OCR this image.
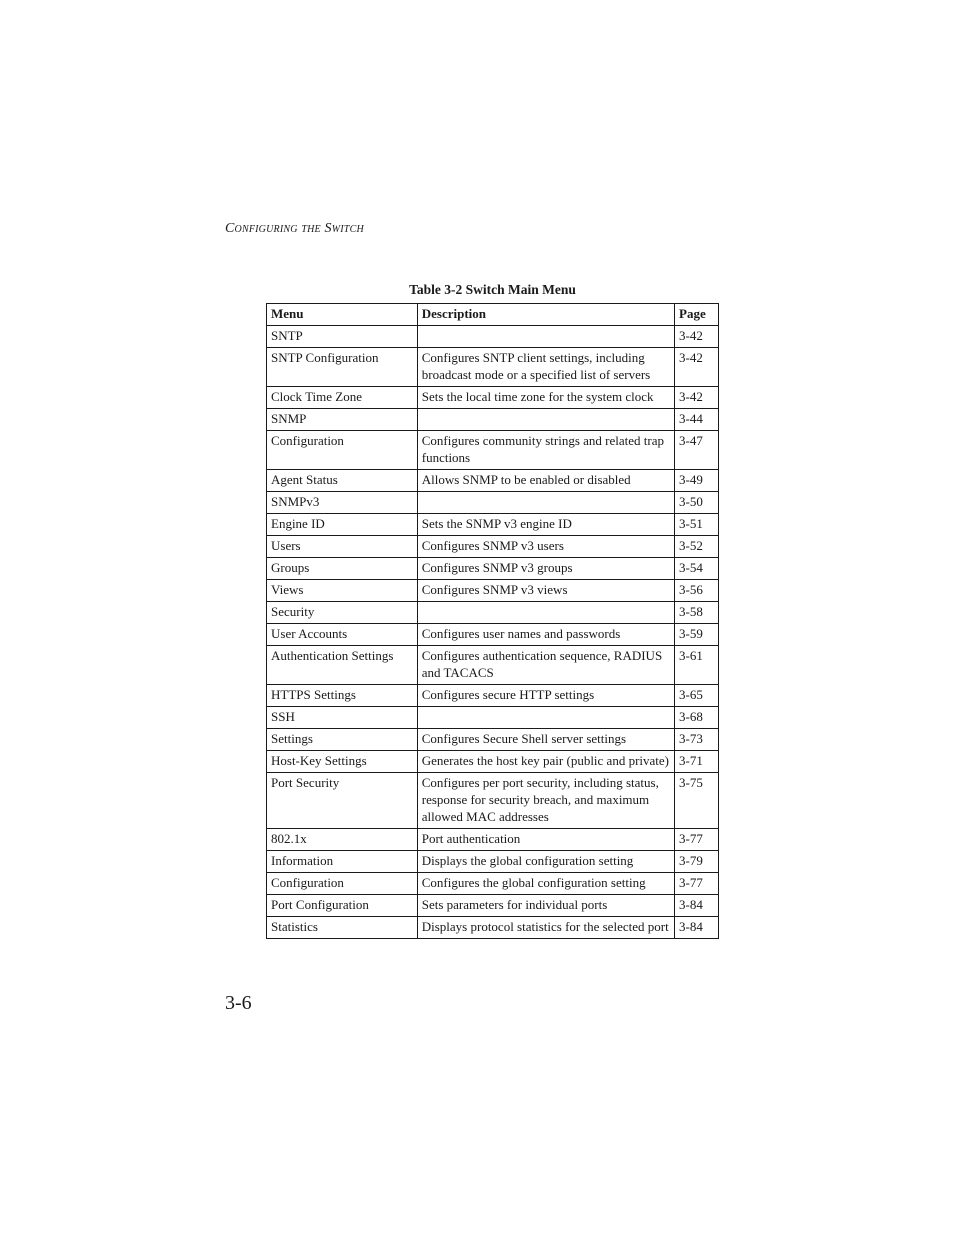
Configuring the Switch
Table 3-2 Switch Main Menu
Menu	Description	Page
SNTP		3-42
SNTP Configuration	Configures SNTP client settings, including broadcast mode or a specified list of servers	3-42
Clock Time Zone	Sets the local time zone for the system clock	3-42
SNMP		3-44
Configuration	Configures community strings and related trap functions	3-47
Agent Status	Allows SNMP to be enabled or disabled	3-49
SNMPv3		3-50
Engine ID	Sets the SNMP v3 engine ID	3-51
Users	Configures SNMP v3 users	3-52
Groups	Configures SNMP v3 groups	3-54
Views	Configures SNMP v3 views	3-56
Security		3-58
User Accounts	Configures user names and passwords	3-59
Authentication Settings	Configures authentication sequence, RADIUS and TACACS	3-61
HTTPS Settings	Configures secure HTTP settings	3-65
SSH		3-68
Settings	Configures Secure Shell server settings	3-73
Host-Key Settings	Generates the host key pair (public and private)	3-71
Port Security	Configures per port security, including status, response for security breach, and maximum allowed MAC addresses	3-75
802.1x	Port authentication	3-77
Information	Displays the global configuration setting	3-79
Configuration	Configures the global configuration setting	3-77
Port Configuration	Sets parameters for individual ports	3-84
Statistics	Displays protocol statistics for the selected port	3-84
3-6
